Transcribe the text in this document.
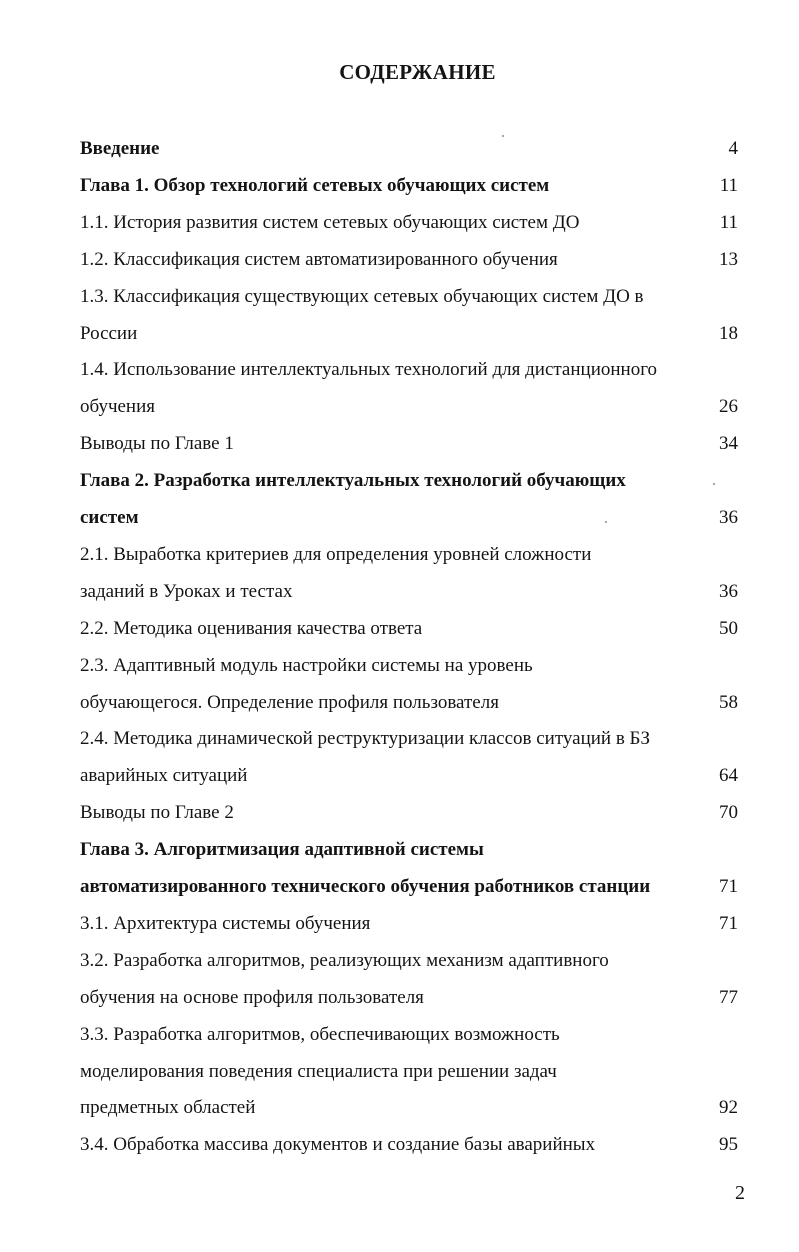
СОДЕРЖАНИЕ
Введение	4
Глава 1. Обзор технологий сетевых обучающих систем	11
1.1. История развития систем сетевых обучающих систем ДО	11
1.2. Классификация систем автоматизированного обучения	13
1.3. Классификация существующих сетевых обучающих систем ДО в
России	18
1.4. Использование интеллектуальных технологий для дистанционного
обучения	26
Выводы по Главе 1	34
Глава 2. Разработка интеллектуальных технологий обучающих
систем	36
2.1. Выработка критериев для определения уровней сложности
заданий в Уроках и тестах	36
2.2. Методика оценивания качества ответа	50
2.3. Адаптивный модуль настройки системы на уровень
обучающегося. Определение профиля пользователя	58
2.4. Методика динамической реструктуризации классов ситуаций в БЗ
аварийных ситуаций	64
Выводы по Главе 2	70
Глава 3. Алгоритмизация адаптивной системы
автоматизированного технического обучения работников станции	71
3.1. Архитектура системы обучения	71
3.2. Разработка алгоритмов, реализующих механизм адаптивного
обучения на основе профиля пользователя	77
3.3. Разработка алгоритмов, обеспечивающих возможность
моделирования поведения специалиста при решении задач
предметных областей	92
3.4. Обработка массива документов и создание базы аварийных	95
2
